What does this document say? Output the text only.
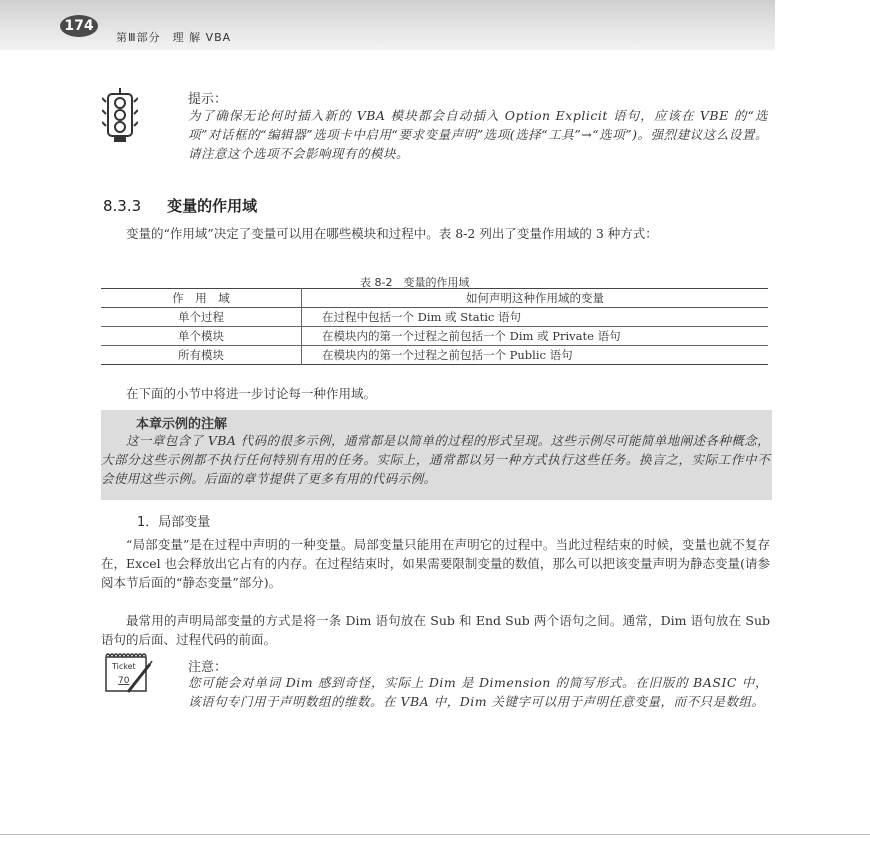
174
第Ⅲ部分　理 解 VBA
提示：
为了确保无论何时插入新的 VBA 模块都会自动插入 Option Explicit 语句，应该在 VBE 的“选项”对话框的“编辑器”选项卡中启用“要求变量声明”选项(选择“工具”→“选项”)。强烈建议这么设置。请注意这个选项不会影响现有的模块。
8.3.3 变量的作用域

变量的“作用域”决定了变量可以用在哪些模块和过程中。表 8-2 列出了变量作用域的 3 种方式：

表 8-2　变量的作用域
作　用　域	如何声明这种作用域的变量
单个过程	在过程中包括一个 Dim 或 Static 语句
单个模块	在模块内的第一个过程之前包括一个 Dim 或 Private 语句
所有模块	在模块内的第一个过程之前包括一个 Public 语句

在下面的小节中将进一步讨论每一种作用域。

本章示例的注解

这一章包含了 VBA 代码的很多示例，通常都是以简单的过程的形式呈现。这些示例尽可能简单地阐述各种概念，大部分这些示例都不执行任何特别有用的任务。实际上，通常都以另一种方式执行这些任务。换言之，实际工作中不会使用这些示例。后面的章节提供了更多有用的代码示例。

1．局部变量

“局部变量”是在过程中声明的一种变量。局部变量只能用在声明它的过程中。当此过程结束的时候，变量也就不复存在，Excel 也会释放出它占有的内存。在过程结束时，如果需要限制变量的数值，那么可以把该变量声明为静态变量(请参阅本节后面的“静态变量”部分)。

最常用的声明局部变量的方式是将一条 Dim 语句放在 Sub 和 End Sub 两个语句之间。通常，Dim 语句放在 Sub 语句的后面、过程代码的前面。

Ticket
70
注意：
您可能会对单词 Dim 感到奇怪，实际上 Dim 是 Dimension 的简写形式。在旧版的 BASIC 中，该语句专门用于声明数组的维数。在 VBA 中，Dim 关键字可以用于声明任意变量，而不只是数组。
